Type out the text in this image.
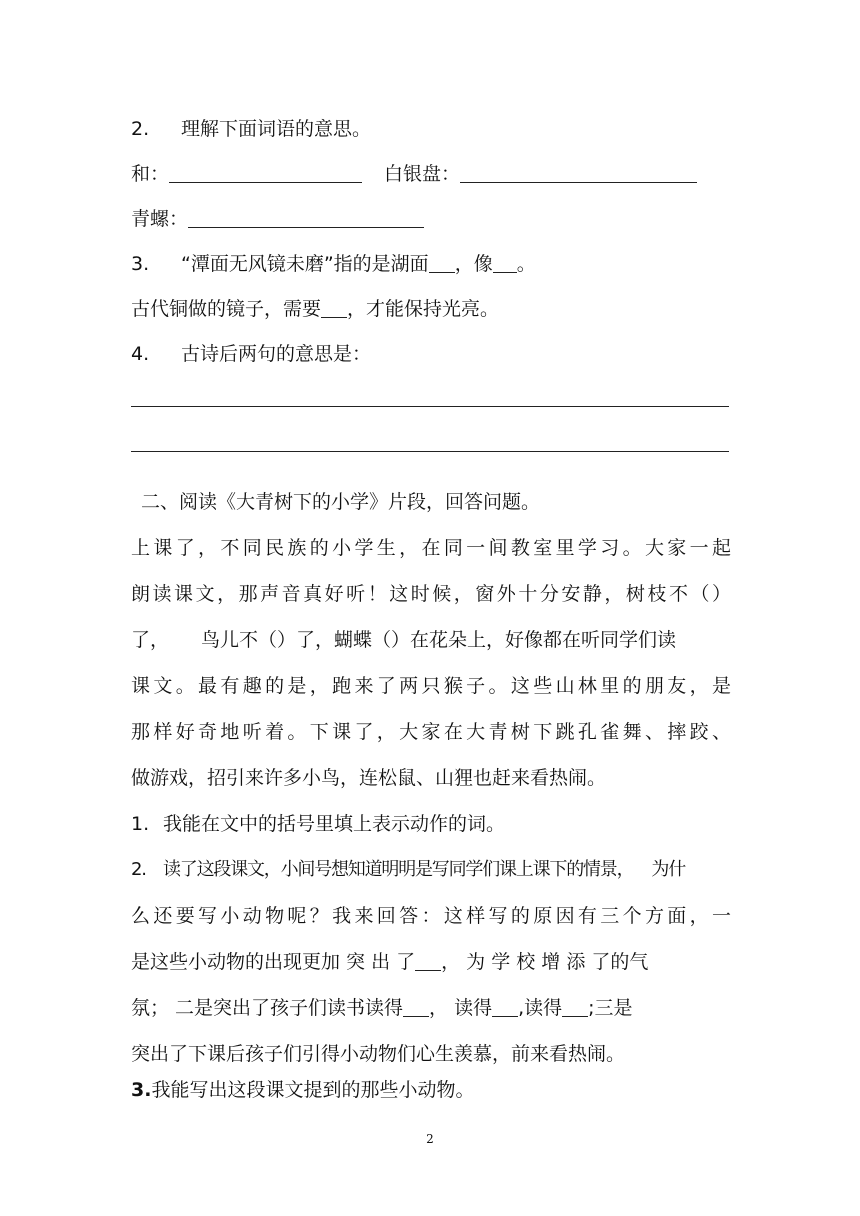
2. 理解下面词语的意思。
和：	白银盘：
青螺：
3. “潭面无风镜未磨”指的是湖面 ，像 。
古代铜做的镜子，需要 ，才能保持光亮。
4. 古诗后两句的意思是：
二、阅读《大青树下的小学》片段，回答问题。
上课了，不同民族的小学生，在同一间教室里学习。大家一起
朗读课文，那声音真好听！这时候，窗外十分安静，树枝不（）
了， 鸟儿不（）了，蝴蝶（）在花朵上，好像都在听同学们读
课文。最有趣的是，跑来了两只猴子。这些山林里的朋友，是
那样好奇地听着。下课了，大家在大青树下跳孔雀舞、摔跤、
做游戏，招引来许多小鸟，连松鼠、山狸也赶来看热闹。
1. 我能在文中的括号里填上表示动作的词。
2. 读了这段课文，小间号想知道明明是写同学们课上课下的情景， 为什
么还要写小动物呢？我来回答：这样写的原因有三个方面，一
是这些小动物的出现更加 突 出 了 ， 为 学 校 增 添 了的气
氛； 二是突出了孩子们读书读得 ， 读得 ,读得 ;三是
突出了下课后孩子们引得小动物们心生羡慕，前来看热闹。
3.我能写出这段课文提到的那些小动物。
2
